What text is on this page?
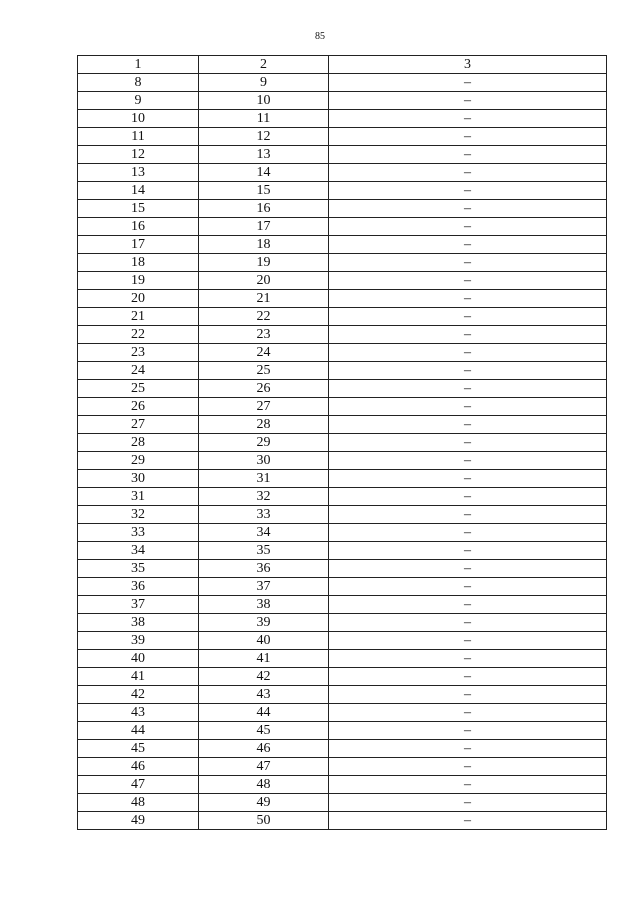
85
1	2	3
8	9	–
9	10	–
10	11	–
11	12	–
12	13	–
13	14	–
14	15	–
15	16	–
16	17	–
17	18	–
18	19	–
19	20	–
20	21	–
21	22	–
22	23	–
23	24	–
24	25	–
25	26	–
26	27	–
27	28	–
28	29	–
29	30	–
30	31	–
31	32	–
32	33	–
33	34	–
34	35	–
35	36	–
36	37	–
37	38	–
38	39	–
39	40	–
40	41	–
41	42	–
42	43	–
43	44	–
44	45	–
45	46	–
46	47	–
47	48	–
48	49	–
49	50	–
